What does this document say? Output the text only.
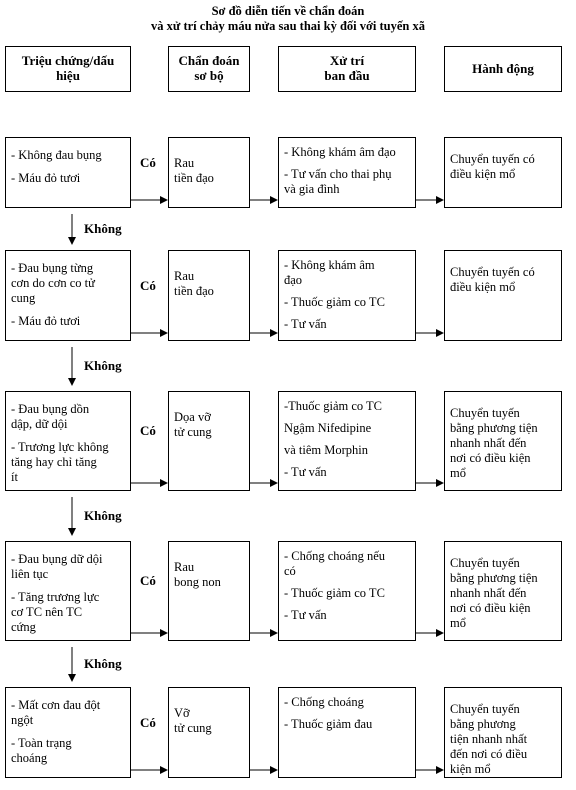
Sơ đồ diễn tiến về chẩn đoán
và xử trí chảy máu nửa sau thai kỳ đối với tuyến xã
Triệu chứng/dấu
hiệu
Chẩn đoán
sơ bộ
Xử trí
ban đầu	Hành động
- Không đau bụng
- Máu đỏ tươi
Rau
tiền đạo
- Không khám âm đạo
- Tư vấn cho thai phụ
và gia đình
Chuyển tuyến có
điều kiện mổ
Có
Không
- Đau bụng từng
cơn do cơn co tử
cung
- Máu đỏ tươi
Rau
tiền đạo
- Không khám âm
đạo
- Thuốc giảm co TC
- Tư vấn
Chuyển tuyến có
điều kiện mổ
Có
Không
- Đau bụng dồn
dập, dữ dội
- Trương lực không
tăng hay chỉ tăng
ít
Dọa vỡ
tử cung
-Thuốc giảm co TC
Ngậm Nifedipine
và tiêm Morphin
- Tư vấn
Chuyển tuyến
bằng phương tiện
nhanh nhất đến
nơi có điều kiện
mổ
Có
Không
- Đau bụng dữ dội
liên tục
- Tăng trương lực
cơ TC nên TC
cứng
Rau
bong non
- Chống choáng nếu
có
- Thuốc giảm co TC
- Tư vấn
Chuyển tuyến
bằng phương tiện
nhanh nhất đến
nơi có điều kiện
mổ
Có
Không
- Mất cơn đau đột
ngột
- Toàn trạng
choáng
Vỡ
tử cung
- Chống choáng
- Thuốc giảm đau
Chuyển tuyến
bằng phương
tiện nhanh nhất
đến nơi có điều
kiện mổ
Có
